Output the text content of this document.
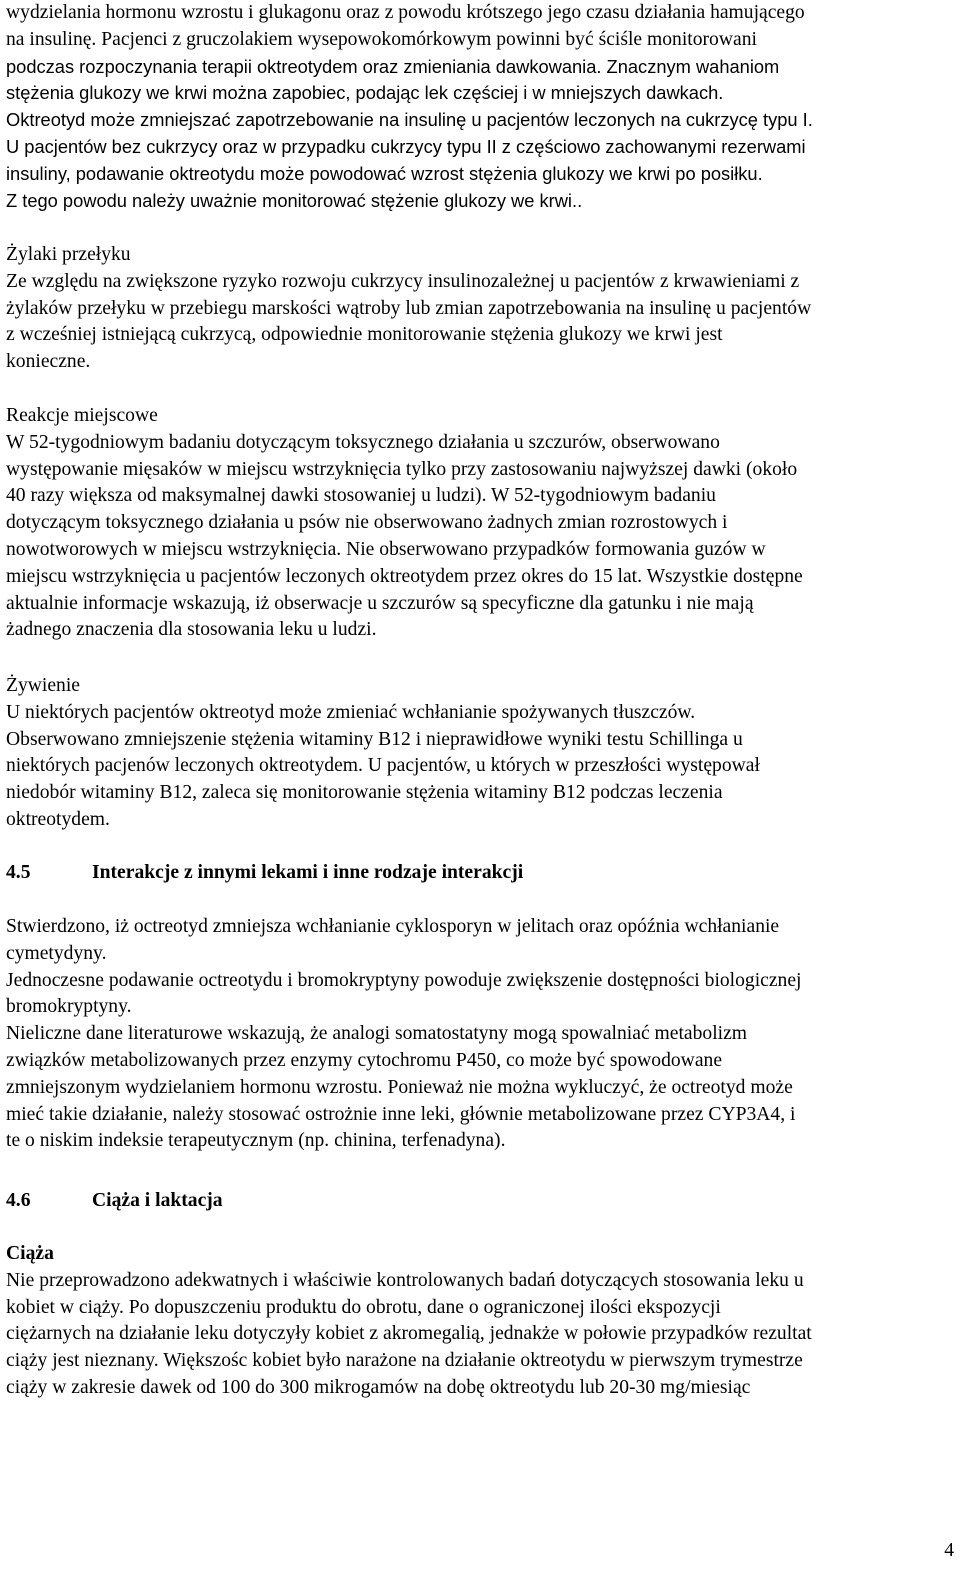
wydzielania hormonu wzrostu i glukagonu oraz z powodu krótszego jego czasu działania hamującego
na insulinę. Pacjenci z gruczolakiem wysepowokomórkowym powinni być ściśle monitorowani
podczas rozpoczynania terapii oktreotydem oraz zmieniania dawkowania. Znacznym wahaniom
stężenia glukozy we krwi można zapobiec, podając lek częściej i w mniejszych dawkach.
Oktreotyd może zmniejszać zapotrzebowanie na insulinę u pacjentów leczonych na cukrzycę typu I.
U pacjentów bez cukrzycy oraz w przypadku cukrzycy typu II z częściowo zachowanymi rezerwami
insuliny, podawanie oktreotydu może powodować wzrost stężenia glukozy we krwi po posiłku.
Z tego powodu należy uważnie monitorować stężenie glukozy we krwi..
Żylaki przełyku
Ze względu na zwiększone ryzyko rozwoju cukrzycy insulinozależnej u pacjentów z krwawieniami z
żylaków przełyku w przebiegu marskości wątroby lub zmian zapotrzebowania na insulinę u pacjentów
z wcześniej istniejącą cukrzycą, odpowiednie monitorowanie stężenia glukozy we krwi jest
konieczne.
Reakcje miejscowe
W 52-tygodniowym badaniu dotyczącym toksycznego działania u szczurów, obserwowano
występowanie mięsaków w miejscu wstrzyknięcia tylko przy zastosowaniu najwyższej dawki (około
40 razy większa od maksymalnej dawki stosowaniej u ludzi). W 52-tygodniowym badaniu
dotyczącym toksycznego działania u psów nie obserwowano żadnych zmian rozrostowych i
nowotworowych w miejscu wstrzyknięcia. Nie obserwowano przypadków formowania guzów w
miejscu wstrzyknięcia u pacjentów leczonych oktreotydem przez okres do 15 lat. Wszystkie dostępne
aktualnie informacje wskazują, iż obserwacje u szczurów są specyficzne dla gatunku i nie mają
żadnego znaczenia dla stosowania leku u ludzi.
Żywienie
U niektórych pacjentów oktreotyd może zmieniać wchłanianie spożywanych tłuszczów.
Obserwowano zmniejszenie stężenia witaminy B12 i nieprawidłowe wyniki testu Schillinga u
niektórych pacjenów leczonych oktreotydem. U pacjentów, u których w przeszłości występował
niedobór witaminy B12, zaleca się monitorowanie stężenia witaminy B12 podczas leczenia
oktreotydem.
4.5	Interakcje z innymi lekami i inne rodzaje interakcji
Stwierdzono, iż octreotyd zmniejsza wchłanianie cyklosporyn w jelitach oraz opóźnia wchłanianie
cymetydyny.
Jednoczesne podawanie octreotydu i bromokryptyny powoduje zwiększenie dostępności biologicznej
bromokryptyny.
Nieliczne dane literaturowe wskazują, że analogi somatostatyny mogą spowalniać metabolizm
związków metabolizowanych przez enzymy cytochromu P450, co może być spowodowane
zmniejszonym wydzielaniem hormonu wzrostu. Ponieważ nie można wykluczyć, że octreotyd może
mieć takie działanie, należy stosować ostrożnie inne leki, głównie metabolizowane przez CYP3A4, i
te o niskim indeksie terapeutycznym (np. chinina, terfenadyna).
4.6	Ciąża i laktacja
Ciąża
Nie przeprowadzono adekwatnych i właściwie kontrolowanych badań dotyczących stosowania leku u
kobiet w ciąży. Po dopuszczeniu produktu do obrotu, dane o ograniczonej ilości ekspozycji
ciężarnych na działanie leku dotyczyły kobiet z akromegalią, jednakże w połowie przypadków rezultat
ciąży jest nieznany. Większośc kobiet było narażone na działanie oktreotydu w pierwszym trymestrze
ciąży w zakresie dawek od 100 do 300 mikrogamów na dobę oktreotydu lub 20-30 mg/miesiąc
4
